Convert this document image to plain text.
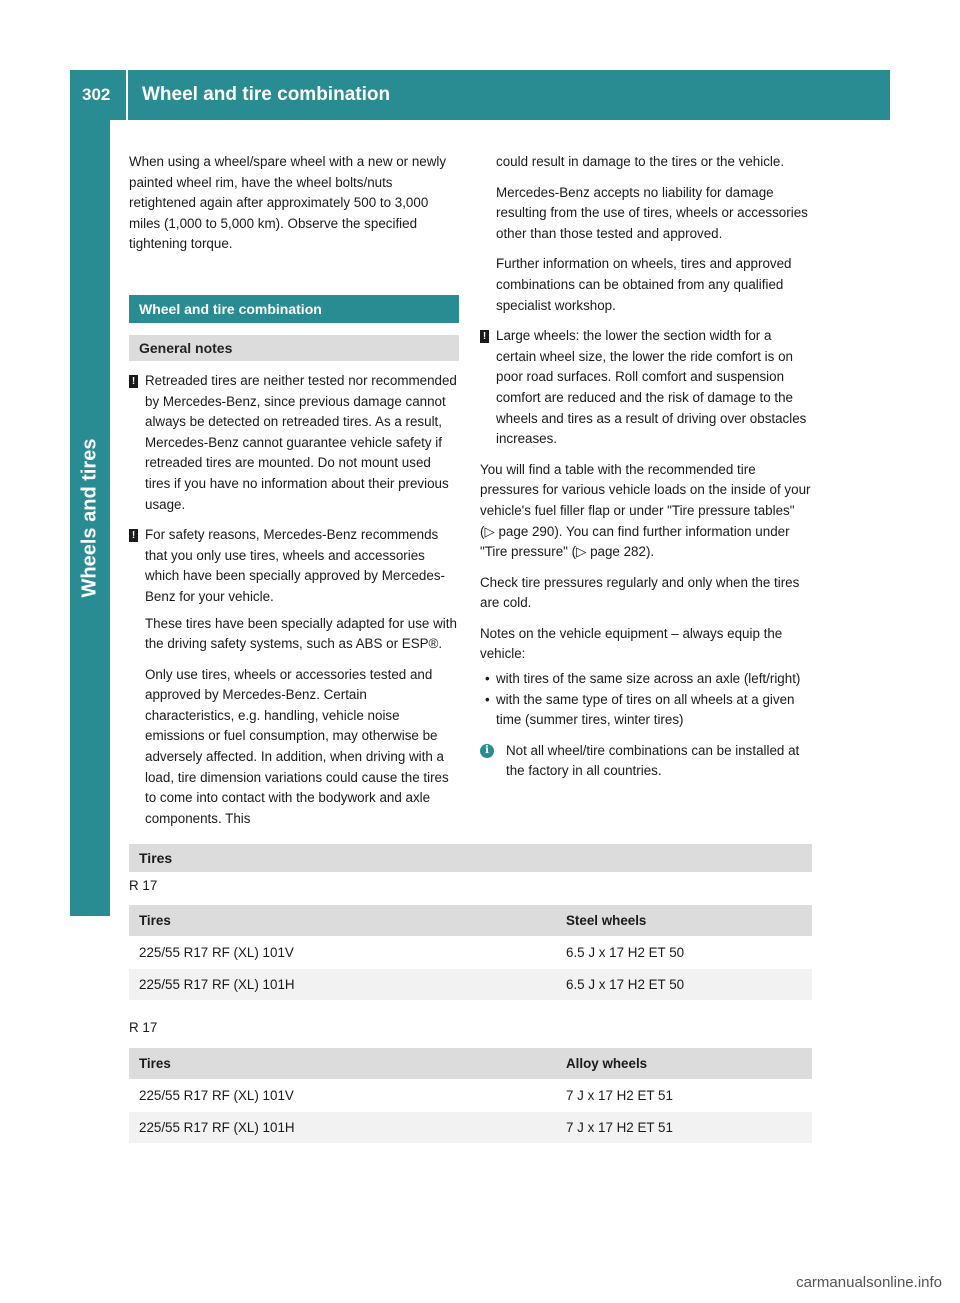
302	Wheel and tire combination
Wheels and tires

When using a wheel/spare wheel with a new or newly painted wheel rim, have the wheel bolts/nuts retightened again after approximately 500 to 3,000 miles (1,000 to 5,000 km). Observe the specified tightening torque.

Wheel and tire combination
General notes
! Retreaded tires are neither tested nor recommended by Mercedes-Benz, since previous damage cannot always be detected on retreaded tires. As a result, Mercedes-Benz cannot guarantee vehicle safety if retreaded tires are mounted. Do not mount used tires if you have no information about their previous usage.
! For safety reasons, Mercedes-Benz recommends that you only use tires, wheels and accessories which have been specially approved by Mercedes-Benz for your vehicle.

These tires have been specially adapted for use with the driving safety systems, such as ABS or ESP®.

Only use tires, wheels or accessories tested and approved by Mercedes-Benz. Certain characteristics, e.g. handling, vehicle noise emissions or fuel consumption, may otherwise be adversely affected. In addition, when driving with a load, tire dimension variations could cause the tires to come into contact with the bodywork and axle components. This

could result in damage to the tires or the vehicle.

Mercedes-Benz accepts no liability for damage resulting from the use of tires, wheels or accessories other than those tested and approved.

Further information on wheels, tires and approved combinations can be obtained from any qualified specialist workshop.

! Large wheels: the lower the section width for a certain wheel size, the lower the ride comfort is on poor road surfaces. Roll comfort and suspension comfort are reduced and the risk of damage to the wheels and tires as a result of driving over obstacles increases.

You will find a table with the recommended tire pressures for various vehicle loads on the inside of your vehicle's fuel filler flap or under "Tire pressure tables" (▷ page 290). You can find further information under "Tire pressure" (▷ page 282).

Check tire pressures regularly and only when the tires are cold.

Notes on the vehicle equipment – always equip the vehicle:

• with tires of the same size across an axle (left/right)
• with the same type of tires on all wheels at a given time (summer tires, winter tires)
i	Not all wheel/tire combinations can be installed at the factory in all countries.
Tires
R 17
Tires	Steel wheels
225/55 R17 RF (XL) 101V	6.5 J x 17 H2 ET 50
225/55 R17 RF (XL) 101H	6.5 J x 17 H2 ET 50
R 17
Tires	Alloy wheels
225/55 R17 RF (XL) 101V	7 J x 17 H2 ET 51
225/55 R17 RF (XL) 101H	7 J x 17 H2 ET 51
carmanualsonline.info
